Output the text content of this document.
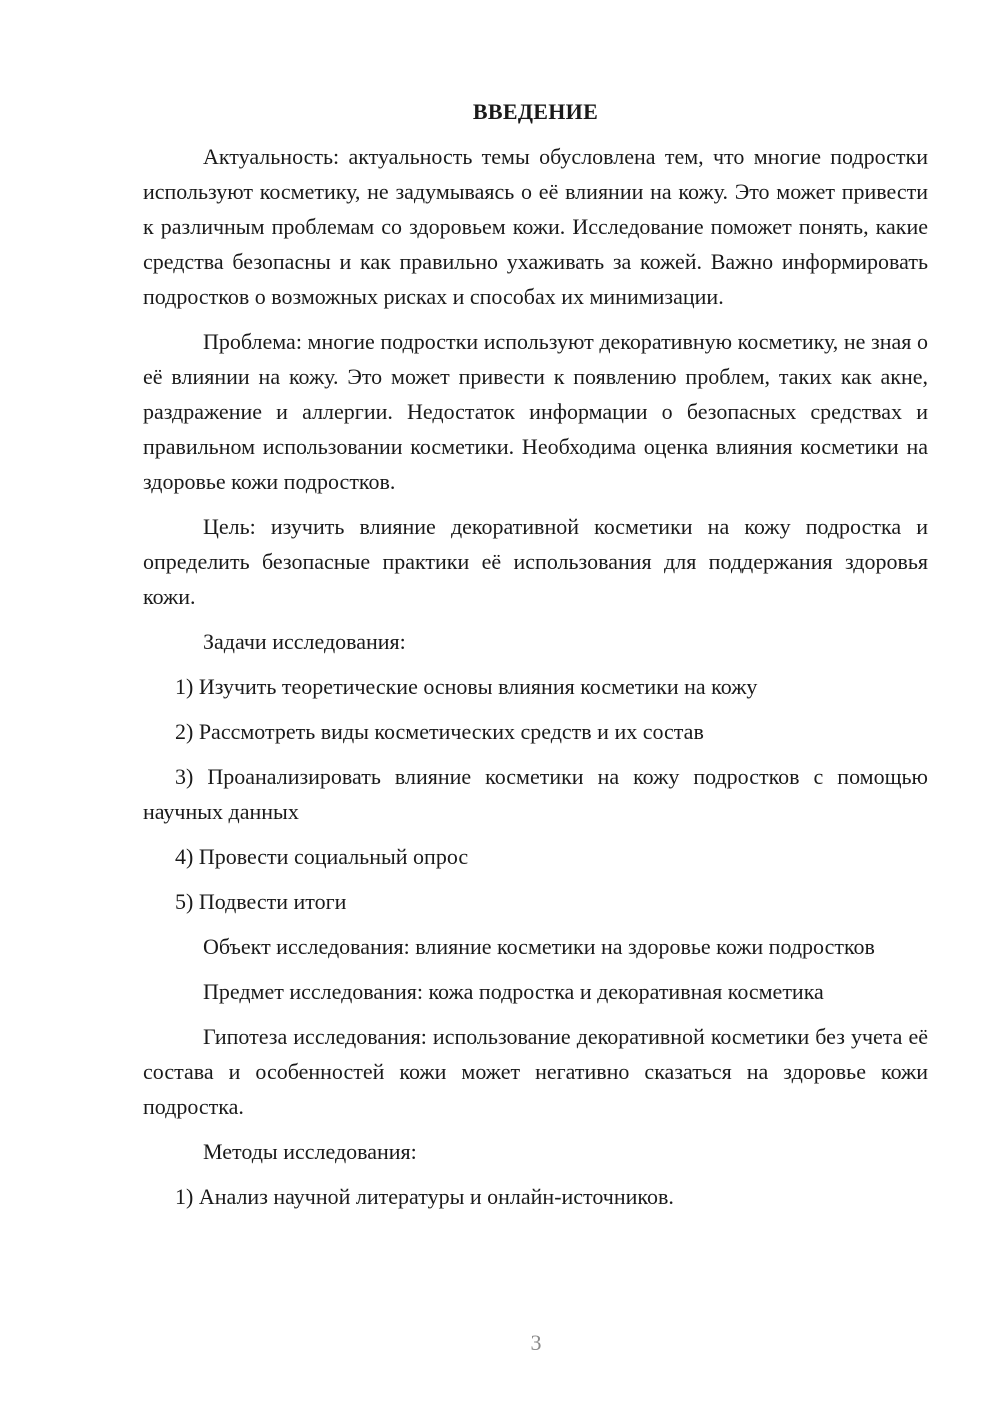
ВВЕДЕНИЕ

Актуальность: актуальность темы обусловлена тем, что многие подростки используют косметику, не задумываясь о её влиянии на кожу. Это может привести к различным проблемам со здоровьем кожи. Исследование поможет понять, какие средства безопасны и как правильно ухаживать за кожей. Важно информировать подростков о возможных рисках и способах их минимизации.

Проблема: многие подростки используют декоративную косметику, не зная о её влиянии на кожу. Это может привести к появлению проблем, таких как акне, раздражение и аллергии. Недостаток информации о безопасных средствах и правильном использовании косметики. Необходима оценка влияния косметики на здоровье кожи подростков.

Цель: изучить влияние декоративной косметики на кожу подростка и определить безопасные практики её использования для поддержания здоровья кожи.

Задачи исследования:

1) Изучить теоретические основы влияния косметики на кожу

2) Рассмотреть виды косметических средств и их состав

3) Проанализировать влияние косметики на кожу подростков с помощью научных данных

4) Провести социальный опрос

5) Подвести итоги

Объект исследования: влияние косметики на здоровье кожи подростков

Предмет исследования: кожа подростка и декоративная косметика

Гипотеза исследования: использование декоративной косметики без учета её состава и особенностей кожи может негативно сказаться на здоровье кожи подростка.

Методы исследования:

1) Анализ научной литературы и онлайн-источников.

3
